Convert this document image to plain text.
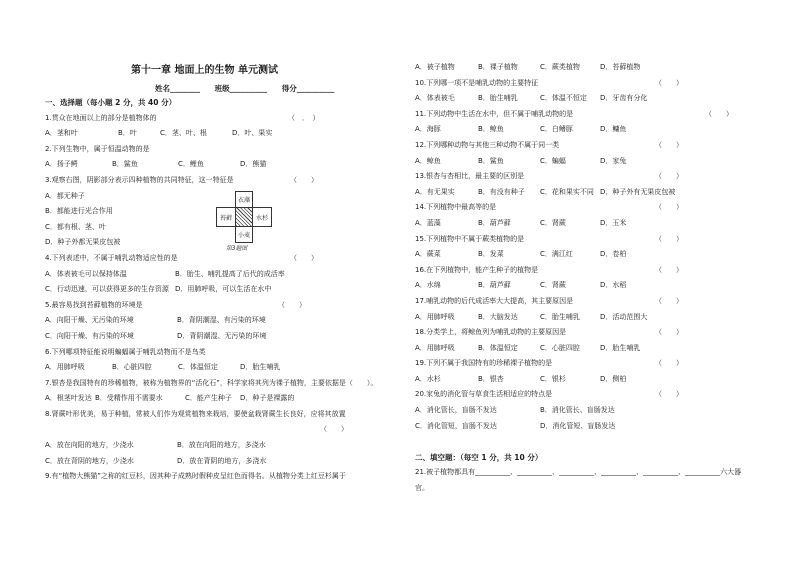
第十一章 地面上的生物 单元测试
姓名________ 班级__________ 得分__________
一、选择题（每小题 2 分，共 40 分）
1.贯众在地面以上的部分是植物体的	（　．　）
A．茎和叶	B．叶	C．茎、叶、根	D．叶、果实
2.下列生物中，属于恒温动物的是
A．扬子鳄	B．鲨鱼	C．鲤鱼	D．熊猫
3.观察右图，阴影部分表示四种植物的共同特征，这一特征是	（　　）
A．都无种子
B．都能进行光合作用
C．都有根、茎、叶
D．种子外都无果皮包被
4.下列表述中，不属于哺乳动物适应性的是	（　　）
A．体表被毛可以保持体温	B．胎生、哺乳提高了后代的成活率
C．行动迅速，可以获得更多的生存资源 D．用肺呼吸，可以生活在水中
5.最容易找到苔藓植物的环境是	（　　）
A．向阳干燥、无污染的环境	B．背阴潮湿、有污染的环境
C．向阳干燥、有污染的环境	D．背阴潮湿、无污染的环境
6.下列哪项特征能说明蝙蝠属于哺乳动物而不是鸟类
A．用肺呼吸	B．心脏四腔	C．体温恒定	D．胎生哺乳
7.银杏是我国特有的珍稀植物，被称为植物界的“活化石”，科学家将其列为裸子植物，主要依据是（　　）。
A．根茎叶发达 B．受精作用不需要水	C．能产生种子 D．种子是裸露的
8.肾蕨叶形优美，易于种植，常被人们作为观赏植物来栽培，要使盆栽肾蕨生长良好，应将其放置
（　　）
A．放在向阳的地方，少浇水	B．放在向阳的地方，多浇水
C．放在背阴的地方，少浇水	D．放在背阴的地方，多浇水
9.有“植物大熊猫”之称的红豆杉，因其种子成熟时假种皮呈红色而得名。从植物分类上红豆杉属于
衣藻
苔藓	水杉
小麦
第3题图
A．被子植物	B．裸子植物	C．蕨类植物	D．苔藓植物
10.下列哪一项不是哺乳动物的主要特征	（　　）
A．体表被毛	B．胎生哺乳	C．体温不恒定 D．牙齿有分化
11.下列动物中生活在水中，但不属于哺乳动物的是	（　　）
A．海豚	B．鲸鱼	C．白鳍豚	D．鳙鱼
12.下列哪种动物与其他三种动物不属于同一类	（　　）
A．鲸鱼	B．鲨鱼	C．蝙蝠	D．家兔
13.银杏与杏相比，最主要的区别是	（　　）
A．有无果实	B．有没有种子 C．花和果实不同 D．种子外有无果皮包被
14.下列植物中最高等的是	（　　）
A．蓝藻	B．葫芦藓	C．肾蕨	D．玉米
15.下列植物中不属于蕨类植物的是	（　　）
A．蕨菜	B．发菜	C．满江红	D．卷柏
16.在下列植物中，能产生种子的植物是	（　　）
A．水绵	B．葫芦藓	C．肾蕨	D．水稻
17.哺乳动物的后代成活率大大提高，其主要原因是	（　　）
A．用肺呼吸	B．大脑发达	C．胎生哺乳	D．活动范围大
18.分类学上，将鲸鱼列为哺乳动物的主要原因是	（　　）
A．用肺呼吸	B．体温恒定	C．心脏四腔	D．胎生哺乳
19.下列不属于我国特有的珍稀裸子植物的是	（　　）
A．水杉	B．银杏	C．银杉	D．侧柏
20.家兔的消化管与草食生活相适应的特点是	（　　）
A．消化管长，盲肠不发达	B．消化管长、盲肠发达
C．消化管短，盲肠不发达	D．消化管短、盲肠发达
二、填空题：（每空 1 分，共 10 分）
21.被子植物都具有__________、__________、__________、__________、__________、__________六大器
官。
